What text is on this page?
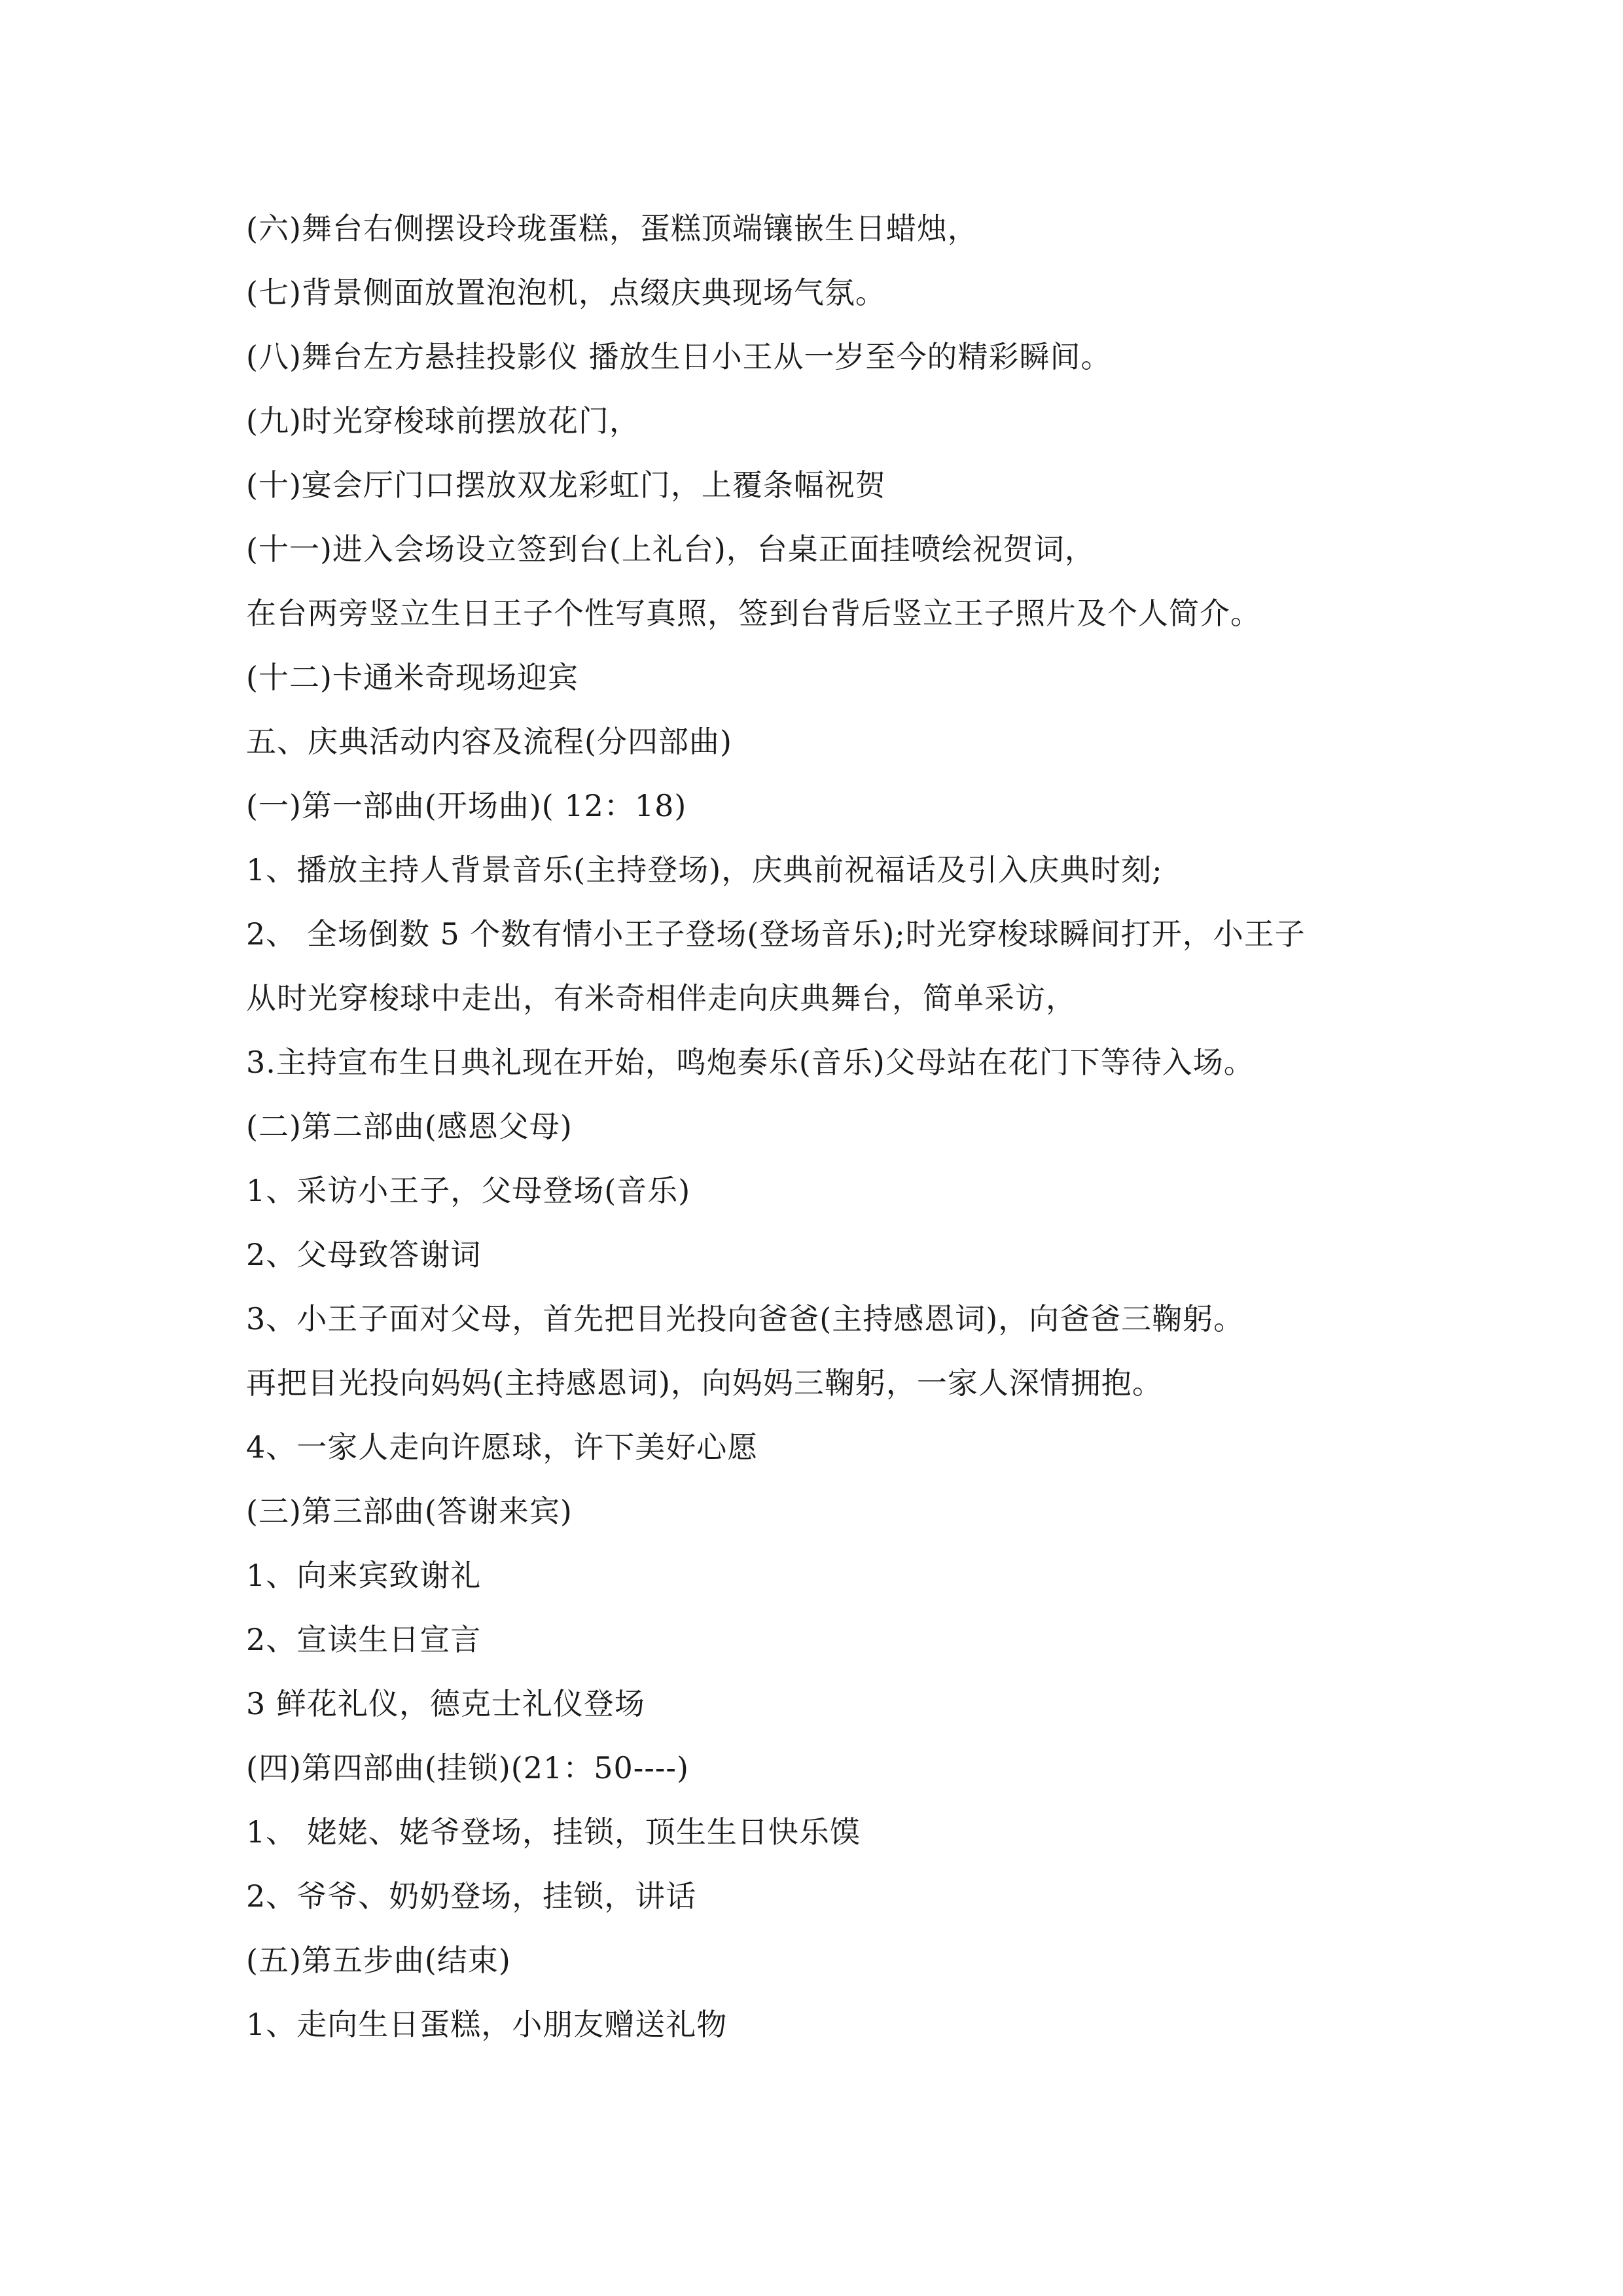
(六)舞台右侧摆设玲珑蛋糕，蛋糕顶端镶嵌生日蜡烛，
(七)背景侧面放置泡泡机，点缀庆典现场气氛。
(八)舞台左方悬挂投影仪 播放生日小王从一岁至今的精彩瞬间。
(九)时光穿梭球前摆放花门，
(十)宴会厅门口摆放双龙彩虹门，上覆条幅祝贺
(十一)进入会场设立签到台(上礼台)，台桌正面挂喷绘祝贺词，
在台两旁竖立生日王子个性写真照，签到台背后竖立王子照片及个人简介。
(十二)卡通米奇现场迎宾
五、庆典活动内容及流程(分四部曲)
(一)第一部曲(开场曲)( 12：18)
1、播放主持人背景音乐(主持登场)，庆典前祝福话及引入庆典时刻;
2、 全场倒数 5 个数有情小王子登场(登场音乐);时光穿梭球瞬间打开，小王子
从时光穿梭球中走出，有米奇相伴走向庆典舞台，简单采访，
3.主持宣布生日典礼现在开始，鸣炮奏乐(音乐)父母站在花门下等待入场。
(二)第二部曲(感恩父母)
1、采访小王子，父母登场(音乐)
2、父母致答谢词
3、小王子面对父母，首先把目光投向爸爸(主持感恩词)，向爸爸三鞠躬。
再把目光投向妈妈(主持感恩词)，向妈妈三鞠躬，一家人深情拥抱。
4、一家人走向许愿球，许下美好心愿
(三)第三部曲(答谢来宾)
1、向来宾致谢礼
2、宣读生日宣言
3 鲜花礼仪，德克士礼仪登场
(四)第四部曲(挂锁)(21：50----)
1、 姥姥、姥爷登场，挂锁，顶生生日快乐馍
2、爷爷、奶奶登场，挂锁，讲话
(五)第五步曲(结束)
1、走向生日蛋糕，小朋友赠送礼物
